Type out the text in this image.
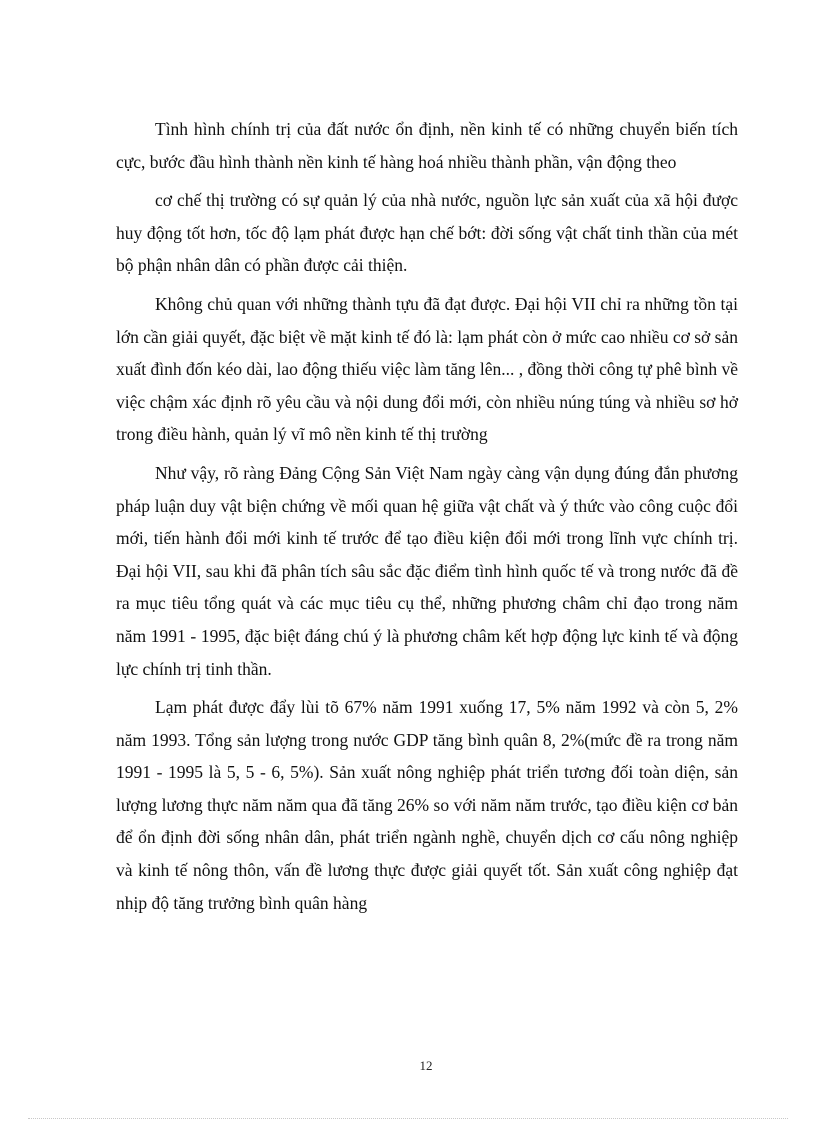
Tình hình chính trị của đất nước ổn định, nền kinh tế có những chuyển biến tích cực, bước đầu hình thành nền kinh tế hàng hoá nhiều thành phần, vận động theo

cơ chế thị trường có sự quản lý của nhà nước, nguồn lực sản xuất của xã hội được huy động tốt hơn, tốc độ lạm phát được hạn chế bớt: đời sống vật chất tinh thần của mét bộ phận nhân dân có phần được cải thiện.

Không chủ quan với những thành tựu đã đạt được. Đại hội VII chỉ ra những tồn tại lớn cần giải quyết, đặc biệt về mặt kinh tế đó là: lạm phát còn ở mức cao nhiều cơ sở sản xuất đình đốn kéo dài, lao động thiếu việc làm tăng lên... , đồng thời công tự phê bình về việc chậm xác định rõ yêu cầu và nội dung đổi mới, còn nhiều núng túng và nhiều sơ hở trong điều hành, quản lý vĩ mô nền kinh tế thị trường

Như vậy, rõ ràng Đảng Cộng Sản Việt Nam ngày càng vận dụng đúng đắn phương pháp luận duy vật biện chứng về mối quan hệ giữa vật chất và ý thức vào công cuộc đổi mới, tiến hành đổi mới kinh tế trước để tạo điều kiện đổi mới trong lĩnh vực chính trị. Đại hội VII, sau khi đã phân tích sâu sắc đặc điểm tình hình quốc tế và trong nước đã đề ra mục tiêu tổng quát và các mục tiêu cụ thể, những phương châm chỉ đạo trong năm năm 1991 - 1995, đặc biệt đáng chú ý là phương châm kết hợp động lực kinh tế và động lực chính trị tinh thần.

Lạm phát được đẩy lùi tõ 67% năm 1991 xuống 17, 5% năm 1992 và còn 5, 2% năm 1993. Tổng sản lượng trong nước GDP tăng bình quân 8, 2%(mức đề ra trong năm 1991 - 1995 là 5, 5 - 6, 5%). Sản xuất nông nghiệp phát triển tương đối toàn diện, sản lượng lương thực năm năm qua đã tăng 26% so với năm năm trước, tạo điều kiện cơ bản để ổn định đời sống nhân dân, phát triển ngành nghề, chuyển dịch cơ cấu nông nghiệp và kinh tế nông thôn, vấn đề lương thực được giải quyết tốt. Sản xuất công nghiệp đạt nhịp độ tăng trưởng bình quân hàng

12
